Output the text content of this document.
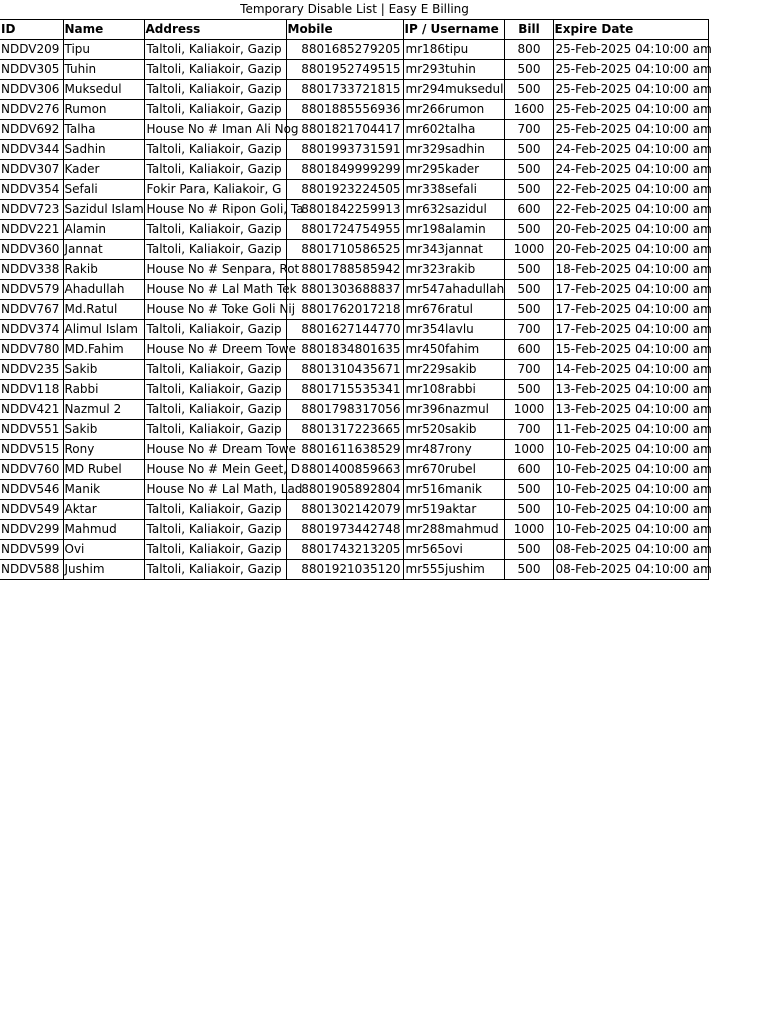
Temporary Disable List | Easy E Billing						
ID	Name	Address	Mobile	IP / Username	Bill	Expire Date
NDDV209	Tipu	Taltoli, Kaliakoir, Gazip	8801685279205	mr186tipu	800	25-Feb-2025 04:10:00 am
NDDV305	Tuhin	Taltoli, Kaliakoir, Gazip	8801952749515	mr293tuhin	500	25-Feb-2025 04:10:00 am
NDDV306	Muksedul	Taltoli, Kaliakoir, Gazip	8801733721815	mr294muksedul	500	25-Feb-2025 04:10:00 am
NDDV276	Rumon	Taltoli, Kaliakoir, Gazip	8801885556936	mr266rumon	1600	25-Feb-2025 04:10:00 am
NDDV692	Talha	House No # Iman Ali Nog	8801821704417	mr602talha	700	25-Feb-2025 04:10:00 am
NDDV344	Sadhin	Taltoli, Kaliakoir, Gazip	8801993731591	mr329sadhin	500	24-Feb-2025 04:10:00 am
NDDV307	Kader	Taltoli, Kaliakoir, Gazip	8801849999299	mr295kader	500	24-Feb-2025 04:10:00 am
NDDV354	Sefali	Fokir Para, Kaliakoir, G	8801923224505	mr338sefali	500	22-Feb-2025 04:10:00 am
NDDV723	Sazidul Islam	House No # Ripon Goli, Ta	8801842259913	mr632sazidul	600	22-Feb-2025 04:10:00 am
NDDV221	Alamin	Taltoli, Kaliakoir, Gazip	8801724754955	mr198alamin	500	20-Feb-2025 04:10:00 am
NDDV360	Jannat	Taltoli, Kaliakoir, Gazip	8801710586525	mr343jannat	1000	20-Feb-2025 04:10:00 am
NDDV338	Rakib	House No # Senpara, Rot	8801788585942	mr323rakib	500	18-Feb-2025 04:10:00 am
NDDV579	Ahadullah	House No # Lal Math Tek	8801303688837	mr547ahadullah	500	17-Feb-2025 04:10:00 am
NDDV767	Md.Ratul	House No # Toke Goli Nij	8801762017218	mr676ratul	500	17-Feb-2025 04:10:00 am
NDDV374	Alimul Islam	Taltoli, Kaliakoir, Gazip	8801627144770	mr354lavlu	700	17-Feb-2025 04:10:00 am
NDDV780	MD.Fahim	House No # Dreem Towe	8801834801635	mr450fahim	600	15-Feb-2025 04:10:00 am
NDDV235	Sakib	Taltoli, Kaliakoir, Gazip	8801310435671	mr229sakib	700	14-Feb-2025 04:10:00 am
NDDV118	Rabbi	Taltoli, Kaliakoir, Gazip	8801715535341	mr108rabbi	500	13-Feb-2025 04:10:00 am
NDDV421	Nazmul 2	Taltoli, Kaliakoir, Gazip	8801798317056	mr396nazmul	1000	13-Feb-2025 04:10:00 am
NDDV551	Sakib	Taltoli, Kaliakoir, Gazip	8801317223665	mr520sakib	700	11-Feb-2025 04:10:00 am
NDDV515	Rony	House No # Dream Towe	8801611638529	mr487rony	1000	10-Feb-2025 04:10:00 am
NDDV760	MD Rubel	House No # Mein Geet, D	8801400859663	mr670rubel	600	10-Feb-2025 04:10:00 am
NDDV546	Manik	House No # Lal Math, Lad	8801905892804	mr516manik	500	10-Feb-2025 04:10:00 am
NDDV549	Aktar	Taltoli, Kaliakoir, Gazip	8801302142079	mr519aktar	500	10-Feb-2025 04:10:00 am
NDDV299	Mahmud	Taltoli, Kaliakoir, Gazip	8801973442748	mr288mahmud	1000	10-Feb-2025 04:10:00 am
NDDV599	Ovi	Taltoli, Kaliakoir, Gazip	8801743213205	mr565ovi	500	08-Feb-2025 04:10:00 am
NDDV588	Jushim	Taltoli, Kaliakoir, Gazip	8801921035120	mr555jushim	500	08-Feb-2025 04:10:00 am
